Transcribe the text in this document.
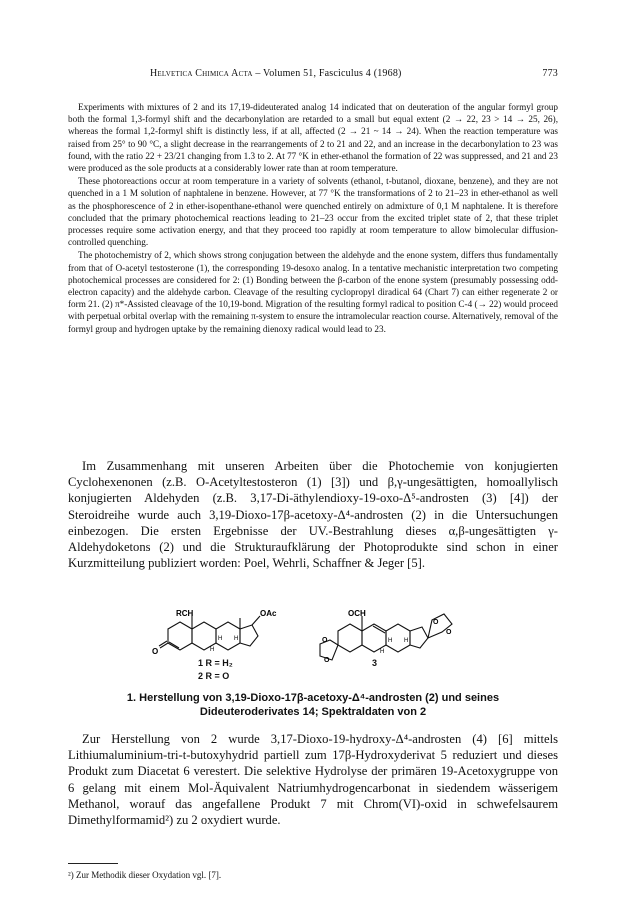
Helvetica Chimica Acta – Volumen 51, Fasciculus 4 (1968)	773

Experiments with mixtures of 2 and its 17,19-dideuterated analog 14 indicated that on deuteration of the angular formyl group both the formal 1,3-formyl shift and the decarbonylation are retarded to a small but equal extent (2 → 22, 23 > 14 → 25, 26), whereas the formal 1,2-formyl shift is distinctly less, if at all, affected (2 → 21 ~ 14 → 24). When the reaction temperature was raised from 25° to 90 °C, a slight decrease in the rearrangements of 2 to 21 and 22, and an increase in the decarbonylation to 23 was found, with the ratio 22 + 23/21 changing from 1.3 to 2. At 77 °K in ether-ethanol the formation of 22 was suppressed, and 21 and 23 were produced as the sole products at a considerably lower rate than at room temperature.

These photoreactions occur at room temperature in a variety of solvents (ethanol, t-butanol, dioxane, benzene), and they are not quenched in a 1 M solution of naphtalene in benzene. However, at 77 °K the transformations of 2 to 21–23 in ether-ethanol as well as the phosphorescence of 2 in ether-isopenthane-ethanol were quenched entirely on admixture of 0,1 M naphtalene. It is therefore concluded that the primary photochemical reactions leading to 21–23 occur from the excited triplet state of 2, that these triplet processes require some activation energy, and that they proceed too rapidly at room temperature to allow bimolecular diffusion-controlled quenching.

The photochemistry of 2, which shows strong conjugation between the aldehyde and the enone system, differs thus fundamentally from that of O-acetyl testosterone (1), the corresponding 19-desoxo analog. In a tentative mechanistic interpretation two competing photochemical processes are considered for 2: (1) Bonding between the β-carbon of the enone system (presumably possessing odd-electron capacity) and the aldehyde carbon. Cleavage of the resulting cyclopropyl diradical 64 (Chart 7) can either regenerate 2 or form 21. (2) π*-Assisted cleavage of the 10,19-bond. Migration of the resulting formyl radical to position C-4 (→ 22) would proceed with perpetual orbital overlap with the remaining π-system to ensure the intramolecular reaction course. Alternatively, removal of the formyl group and hydrogen uptake by the remaining dienoxy radical would lead to 23.

Im Zusammenhang mit unseren Arbeiten über die Photochemie von konjugierten Cyclohexenonen (z.B. O-Acetyltestosteron (1) [3]) und β,γ-ungesättigten, homoallylisch konjugierten Aldehyden (z.B. 3,17-Di-äthylendioxy-19-oxo-Δ⁵-androsten (3) [4]) der Steroidreihe wurde auch 3,19-Dioxo-17β-acetoxy-Δ⁴-androsten (2) in die Untersuchungen einbezogen. Die ersten Ergebnisse der UV.-Bestrahlung dieses α,β-ungesättigten γ-Aldehydoketons (2) und die Strukturaufklärung der Photoprodukte sind schon in einer Kurzmitteilung publiziert worden: Poel, Wehrli, Schaffner & Jeger [5].

RCH	OAc
O
H
H
H
OCH
O
O
O
O
H
H
H
1 R = H₂
2 R = O
3
1. Herstellung von 3,19-Dioxo-17β-acetoxy-Δ⁴-androsten (2) und seines
Dideuteroderivates 14; Spektraldaten von 2

Zur Herstellung von 2 wurde 3,17-Dioxo-19-hydroxy-Δ⁴-androsten (4) [6] mittels Lithiumaluminium-tri-t-butoxyhydrid partiell zum 17β-Hydroxyderivat 5 reduziert und dieses Produkt zum Diacetat 6 verestert. Die selektive Hydrolyse der primären 19-Acetoxygruppe von 6 gelang mit einem Mol-Äquivalent Natriumhydrogencarbonat in siedendem wässerigem Methanol, worauf das angefallene Produkt 7 mit Chrom(VI)-oxid in schwefelsaurem Dimethylformamid²) zu 2 oxydiert wurde.

²) Zur Methodik dieser Oxydation vgl. [7].
